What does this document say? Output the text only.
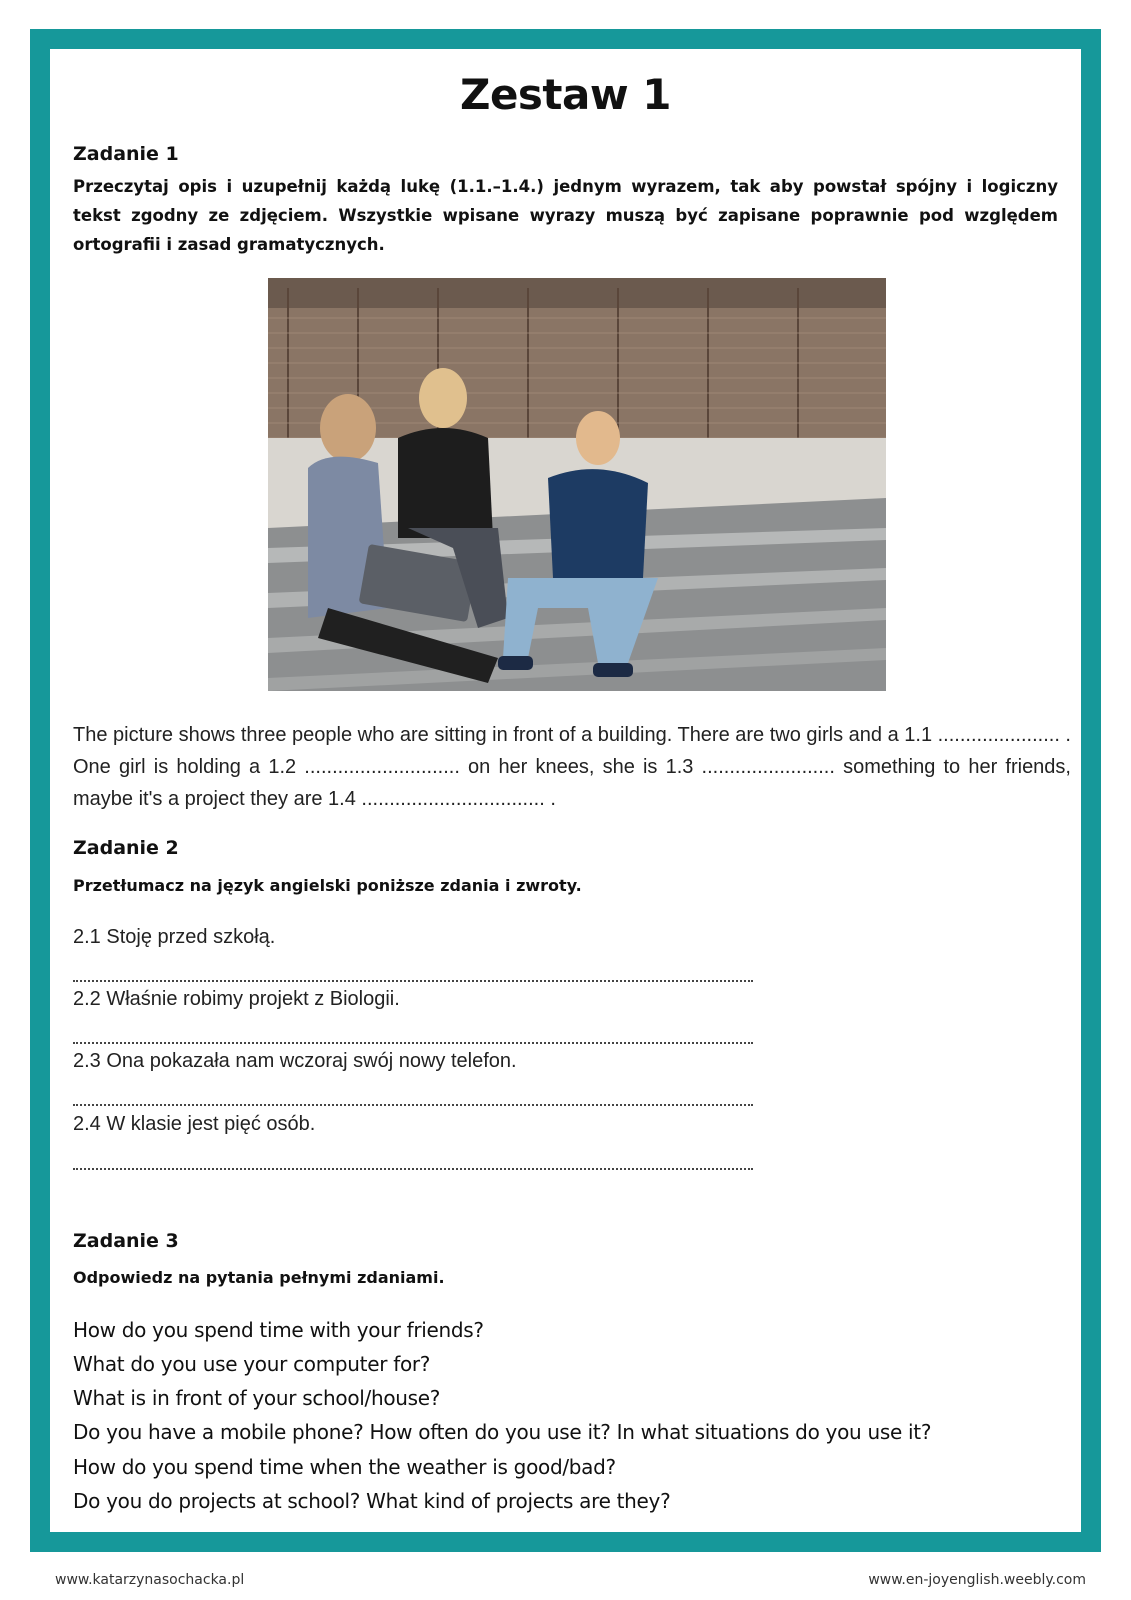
Zestaw 1
Zadanie 1
Przeczytaj opis i uzupełnij każdą lukę (1.1.–1.4.) jednym wyrazem, tak aby powstał spójny i logiczny tekst zgodny ze zdjęciem. Wszystkie wpisane wyrazy muszą być zapisane poprawnie pod względem ortografii i zasad gramatycznych.
The picture shows three people who are sitting in front of a building. There are two girls and a 1.1 ...................... . One girl is holding a 1.2 ............................ on her knees, she is 1.3 ........................ something to her friends, maybe it's a project they are 1.4 ................................. .
Zadanie 2
Przetłumacz na język angielski poniższe zdania i zwroty.
2.1 Stoję przed szkołą.
2.2 Właśnie robimy projekt z Biologii.
2.3 Ona pokazała nam wczoraj swój nowy telefon.
2.4 W klasie jest pięć osób.
Zadanie 3
Odpowiedz na pytania pełnymi zdaniami.
How do you spend time with your friends?
What do you use your computer for?
What is in front of your school/house?
Do you have a mobile phone? How often do you use it? In what situations do you use it?
How do you spend time when the weather is good/bad?
Do you do projects at school? What kind of projects are they?
www.katarzynasochacka.pl	www.en-joyenglish.weebly.com
